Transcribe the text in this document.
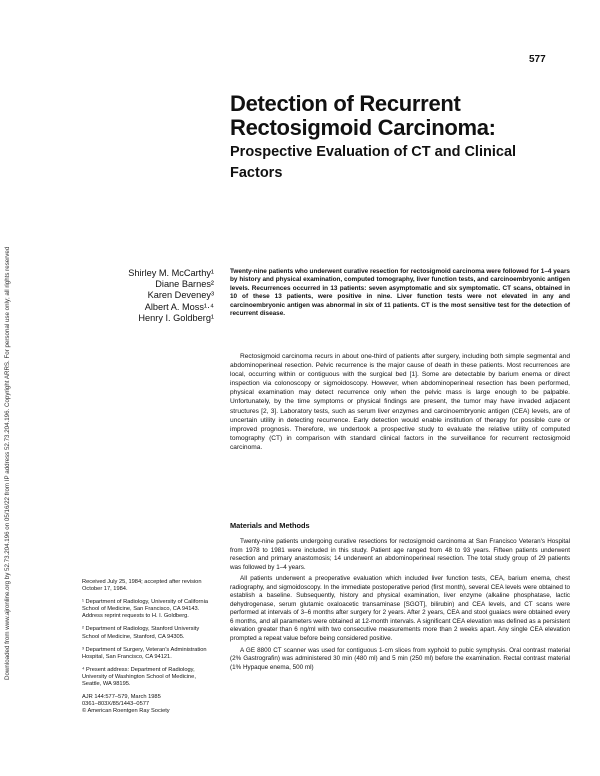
Downloaded from www.ajronline.org by 52.73.204.196 on 05/16/22 from IP address 52.73.204.196. Copyright ARRS. For personal use only; all rights reserved
577
Detection of Recurrent Rectosigmoid Carcinoma:
Prospective Evaluation of CT and Clinical Factors
Shirley M. McCarthy¹
Diane Barnes²
Karen Deveney³
Albert A. Moss¹·⁴
Henry I. Goldberg¹

Twenty-nine patients who underwent curative resection for rectosigmoid carcinoma were followed for 1–4 years by history and physical examination, computed tomography, liver function tests, and carcinoembryonic antigen levels. Recurrences occurred in 13 patients: seven asymptomatic and six symptomatic. CT scans, obtained in 10 of these 13 patients, were positive in nine. Liver function tests were not elevated in any and carcinoembryonic antigen was abnormal in six of 11 patients. CT is the most sensitive test for the detection of recurrent disease.

Rectosigmoid carcinoma recurs in about one-third of patients after surgery, including both simple segmental and abdominoperineal resection. Pelvic recurrence is the major cause of death in these patients. Most recurrences are local, occurring within or contiguous with the surgical bed [1]. Some are detectable by barium enema or direct inspection via colonoscopy or sigmoidoscopy. However, when abdominoperineal resection has been performed, physical examination may detect recurrence only when the pelvic mass is large enough to be palpable. Unfortunately, by the time symptoms or physical findings are present, the tumor may have invaded adjacent structures [2, 3]. Laboratory tests, such as serum liver enzymes and carcinoembryonic antigen (CEA) levels, are of uncertain utility in detecting recurrence. Early detection would enable institution of therapy for possible cure or improved prognosis. Therefore, we undertook a prospective study to evaluate the relative utility of computed tomography (CT) in comparison with standard clinical factors in the surveillance for recurrent rectosigmoid carcinoma.

Materials and Methods

Twenty-nine patients undergoing curative resections for rectosigmoid carcinoma at San Francisco Veteran's Hospital from 1978 to 1981 were included in this study. Patient age ranged from 48 to 93 years. Fifteen patients underwent resection and primary anastomosis; 14 underwent an abdominoperineal resection. The total study group of 29 patients was followed by 1–4 years.

All patients underwent a preoperative evaluation which included liver function tests, CEA, barium enema, chest radiography, and sigmoidoscopy. In the immediate postoperative period (first month), several CEA levels were obtained to establish a baseline. Subsequently, history and physical examination, liver enzyme (alkaline phosphatase, lactic dehydrogenase, serum glutamic oxaloacetic transaminase [SGOT], bilirubin) and CEA levels, and CT scans were performed at intervals of 3–6 months after surgery for 2 years. After 2 years, CEA and stool guaiacs were obtained every 6 months, and all parameters were obtained at 12-month intervals. A significant CEA elevation was defined as a persistent elevation greater than 6 ng/ml with two consecutive measurements more than 2 weeks apart. Any single CEA elevation prompted a repeat value before being considered positive.

A GE 8800 CT scanner was used for contiguous 1-cm slices from xyphoid to pubic symphysis. Oral contrast material (2% Gastrografin) was administered 30 min (480 ml) and 5 min (250 ml) before the examination. Rectal contrast material (1% Hypaque enema, 500 ml)

Received July 25, 1984; accepted after revision October 17, 1984.

¹ Department of Radiology, University of California School of Medicine, San Francisco, CA 94143. Address reprint requests to H. I. Goldberg.

² Department of Radiology, Stanford University School of Medicine, Stanford, CA 94305.

³ Department of Surgery, Veteran's Administration Hospital, San Francisco, CA 94121.

⁴ Present address: Department of Radiology, University of Washington School of Medicine, Seattle, WA 98195.

AJR 144:577–579, March 1985

0361–803X/85/1443–0577

© American Roentgen Ray Society
